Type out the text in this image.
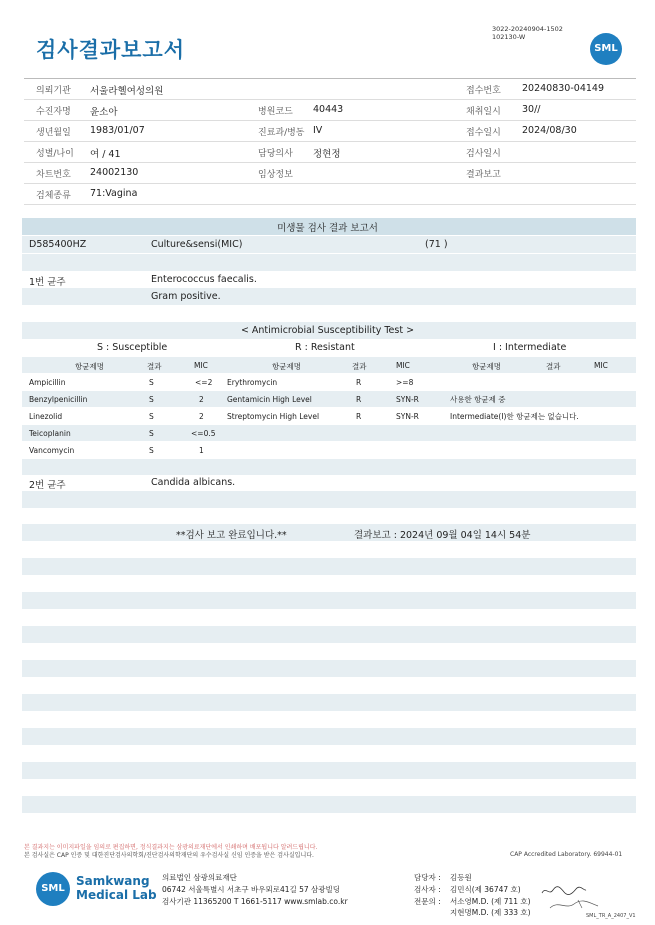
검사결과보고서
3022-20240904-1502
102130-W
SML
의뢰기관 서울라헬여성의원	접수번호 20240830-04149
수진자명 윤소아	병원코드 40443	채취일시 30//
생년월일 1983/01/07	진료과/병동 IV	접수일시 2024/08/30
성별/나이 여 / 41	담당의사 정현정	검사일시
차트번호 24002130	임상정보	결과보고
검체종류 71:Vagina
미생물 검사 결과 보고서
D585400HZ	Culture&sensi(MIC)	(71 )
1번 균주	Enterococcus faecalis.
Gram positive.
< Antimicrobial Susceptibility Test >
S : Susceptible	R : Resistant	I : Intermediate
항균제명	결과	MIC	항균제명	결과	MIC	항균제명	결과	MIC
Ampicillin	S	<=2 Erythromycin	R	>=8
Benzylpenicillin	S	2	Gentamicin High Level	R	SYN-R	사용한 항균제 중
Linezolid	S	2	Streptomycin High Level	R	SYN-R	Intermediate(I)한 항균제는 없습니다.
Teicoplanin	S	<=0.5
Vancomycin	S	1
2번 균주	Candida albicans.
**검사 보고 완료입니다.**	결과보고 : 2024년 09월 04일 14시 54분
본 결과지는 이미지파일을 임의로 편집하면, 정식결과지는 삼광의료재단에서 인쇄하며 배포됩니다 알려드립니다.
본 검사실은 CAP 인증 및 대한진단검사의학회/진단검사의학재단의 우수검사실 신임 인증을 받은 검사실입니다.	CAP Accredited Laboratory. 69944-01
SML
Samkwang
Medical Lab
의료법인 삼광의료재단
06742 서울특별시 서초구 바우뫼로41길 57 삼광빌딩
검사기관 11365200 T 1661-5117 www.smlab.co.kr
담당자 : 김등원
검사자 : 김민식(제 36747 호)
전문의 : 서소영M.D. (제 711 호)
지현명M.D. (제 333 호)	SML_TR_A_2407_V1
